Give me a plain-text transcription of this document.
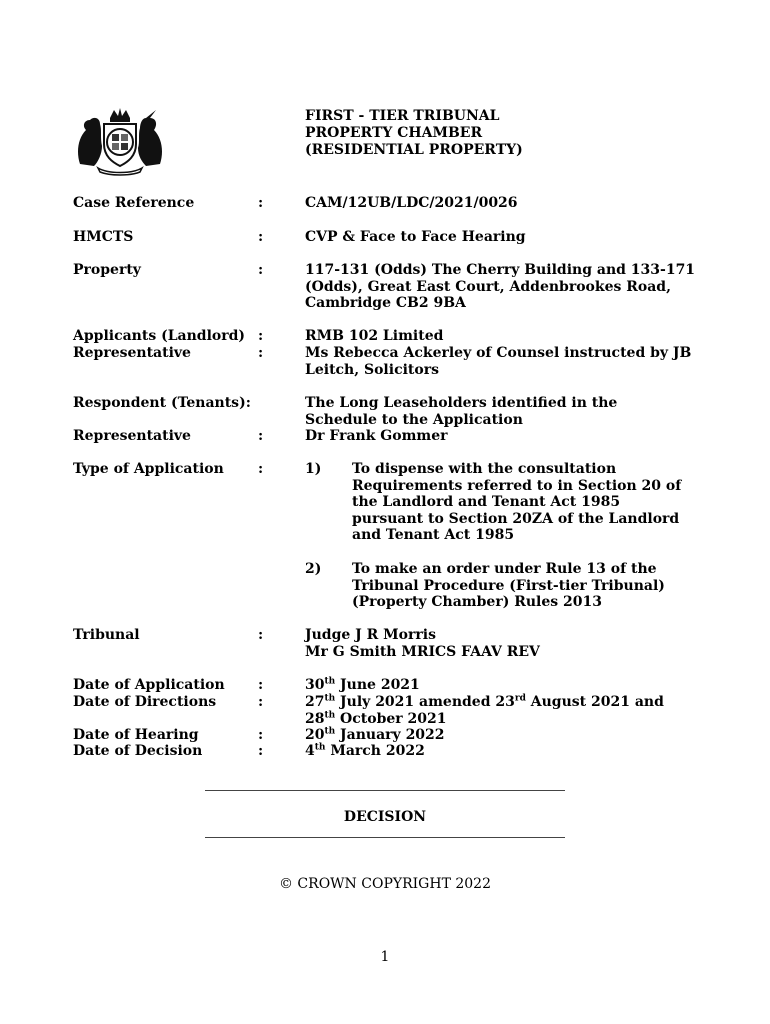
FIRST - TIER TRIBUNAL
PROPERTY CHAMBER
(RESIDENTIAL PROPERTY)
Case Reference	:	CAM/12UB/LDC/2021/0026
HMCTS	:	CVP & Face to Face Hearing
Property	:	117-131 (Odds) The Cherry Building and 133-171
(Odds), Great East Court, Addenbrookes Road,
Cambridge CB2 9BA
Applicants (Landlord) :	RMB 102 Limited
Representative	:	Ms Rebecca Ackerley of Counsel instructed by JB
Leitch, Solicitors
Respondent (Tenants):	The Long Leaseholders identified in the
Schedule to the Application
Representative	:	Dr Frank Gommer
Type of Application	:	1) To dispense with the consultation
Requirements referred to in Section 20 of
the Landlord and Tenant Act 1985
pursuant to Section 20ZA of the Landlord
and Tenant Act 1985
2) To make an order under Rule 13 of the
Tribunal Procedure (First-tier Tribunal)
(Property Chamber) Rules 2013
Tribunal	:	Judge J R Morris
Mr G Smith MRICS FAAV REV
Date of Application	:	30th June 2021
Date of Directions	:	27th July 2021 amended 23rd August 2021 and
28th October 2021
Date of Hearing	:	20th January 2022
Date of Decision	:	4th March 2022
DECISION
© CROWN COPYRIGHT 2022
1
